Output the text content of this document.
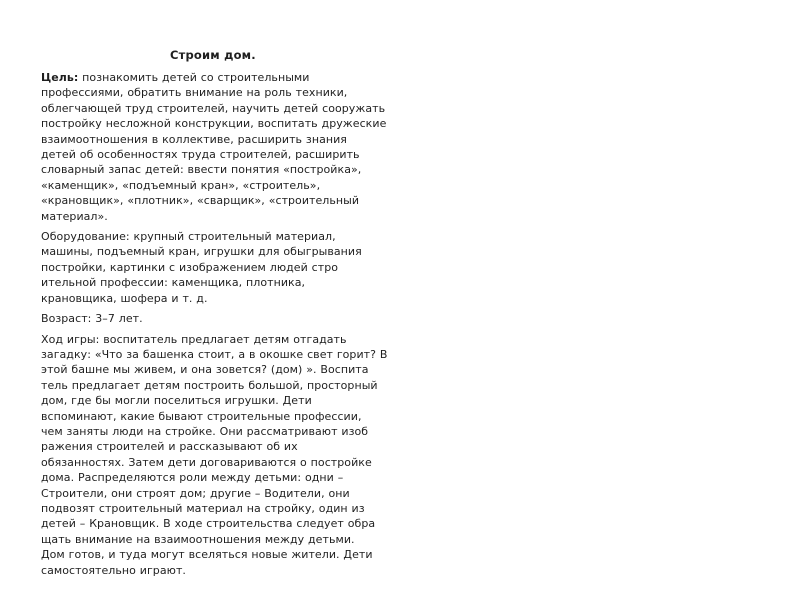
Строим дом.

Цель: познакомить детей со строительными
профессиями, обратить внимание на роль техники,
облегчающей труд строителей, научить детей сооружать
постройку несложной конструкции, воспитать дружеские
взаимоотношения в коллективе, расширить знания
детей об особенностях труда строителей, расширить
словарный запас детей: ввести понятия «постройка»,
«каменщик», «подъемный кран», «строитель»,
«крановщик», «плотник», «сварщик», «строительный
материал».

Оборудование: крупный строительный материал,
машины, подъемный кран, игрушки для обыгрывания
постройки, картинки с изображением людей стро
ительной профессии: каменщика, плотника,
крановщика, шофера и т. д.

Возраст: 3–7 лет.

Ход игры: воспитатель предлагает детям отгадать
загадку: «Что за башенка стоит, а в окошке свет горит? В
этой башне мы живем, и она зовется? (дом) ». Воспита
тель предлагает детям построить большой, просторный
дом, где бы могли поселиться игрушки. Дети
вспоминают, какие бывают строительные профессии,
чем заняты люди на стройке. Они рассматривают изоб
ражения строителей и рассказывают об их
обязанностях. Затем дети договариваются о постройке
дома. Распределяются роли между детьми: одни –
Строители, они строят дом; другие – Водители, они
подвозят строительный материал на стройку, один из
детей – Крановщик. В ходе строительства следует обра
щать внимание на взаимоотношения между детьми.
Дом готов, и туда могут вселяться новые жители. Дети
самостоятельно играют.
